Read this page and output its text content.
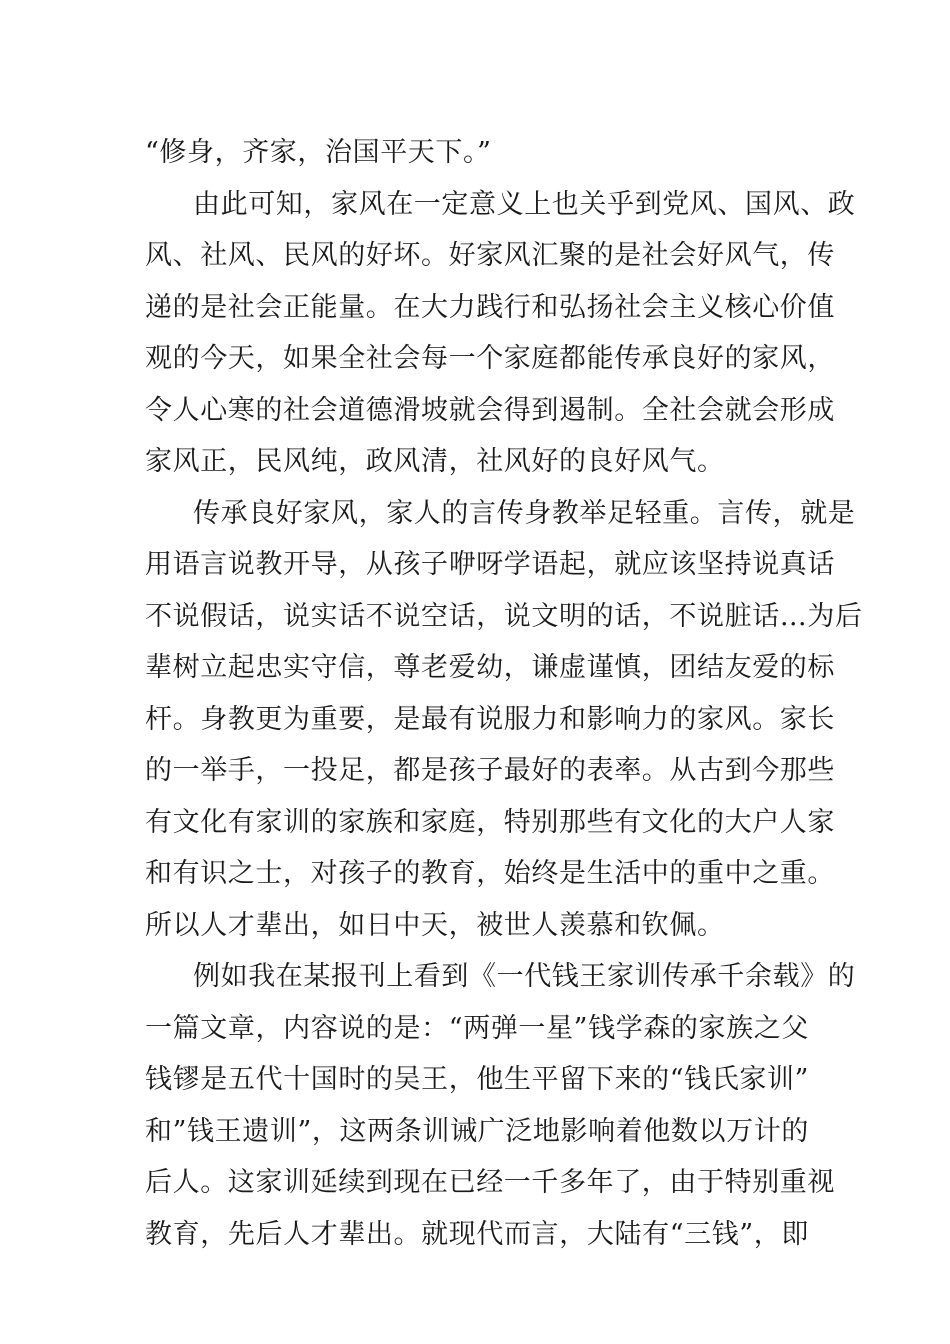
“修身，齐家，治国平天下。”
由此可知，家风在一定意义上也关乎到党风、国风、政
风、社风、民风的好坏。好家风汇聚的是社会好风气，传
递的是社会正能量。在大力践行和弘扬社会主义核心价值
观的今天，如果全社会每一个家庭都能传承良好的家风，
令人心寒的社会道德滑坡就会得到遏制。全社会就会形成
家风正，民风纯，政风清，社风好的良好风气。
传承良好家风，家人的言传身教举足轻重。言传，就是
用语言说教开导，从孩子咿呀学语起，就应该坚持说真话
不说假话，说实话不说空话，说文明的话，不说脏话…为后
辈树立起忠实守信，尊老爱幼，谦虚谨慎，团结友爱的标
杆。身教更为重要，是最有说服力和影响力的家风。家长
的一举手，一投足，都是孩子最好的表率。从古到今那些
有文化有家训的家族和家庭，特别那些有文化的大户人家
和有识之士，对孩子的教育，始终是生活中的重中之重。
所以人才辈出，如日中天，被世人羡慕和钦佩。
例如我在某报刊上看到《一代钱王家训传承千余载》的
一篇文章，内容说的是：“两弹一星”钱学森的家族之父
钱镠是五代十国时的吴王，他生平留下来的“钱氏家训”
和”钱王遗训”，这两条训诫广泛地影响着他数以万计的
后人。这家训延续到现在已经一千多年了，由于特别重视
教育，先后人才辈出。就现代而言，大陆有“三钱”，即
